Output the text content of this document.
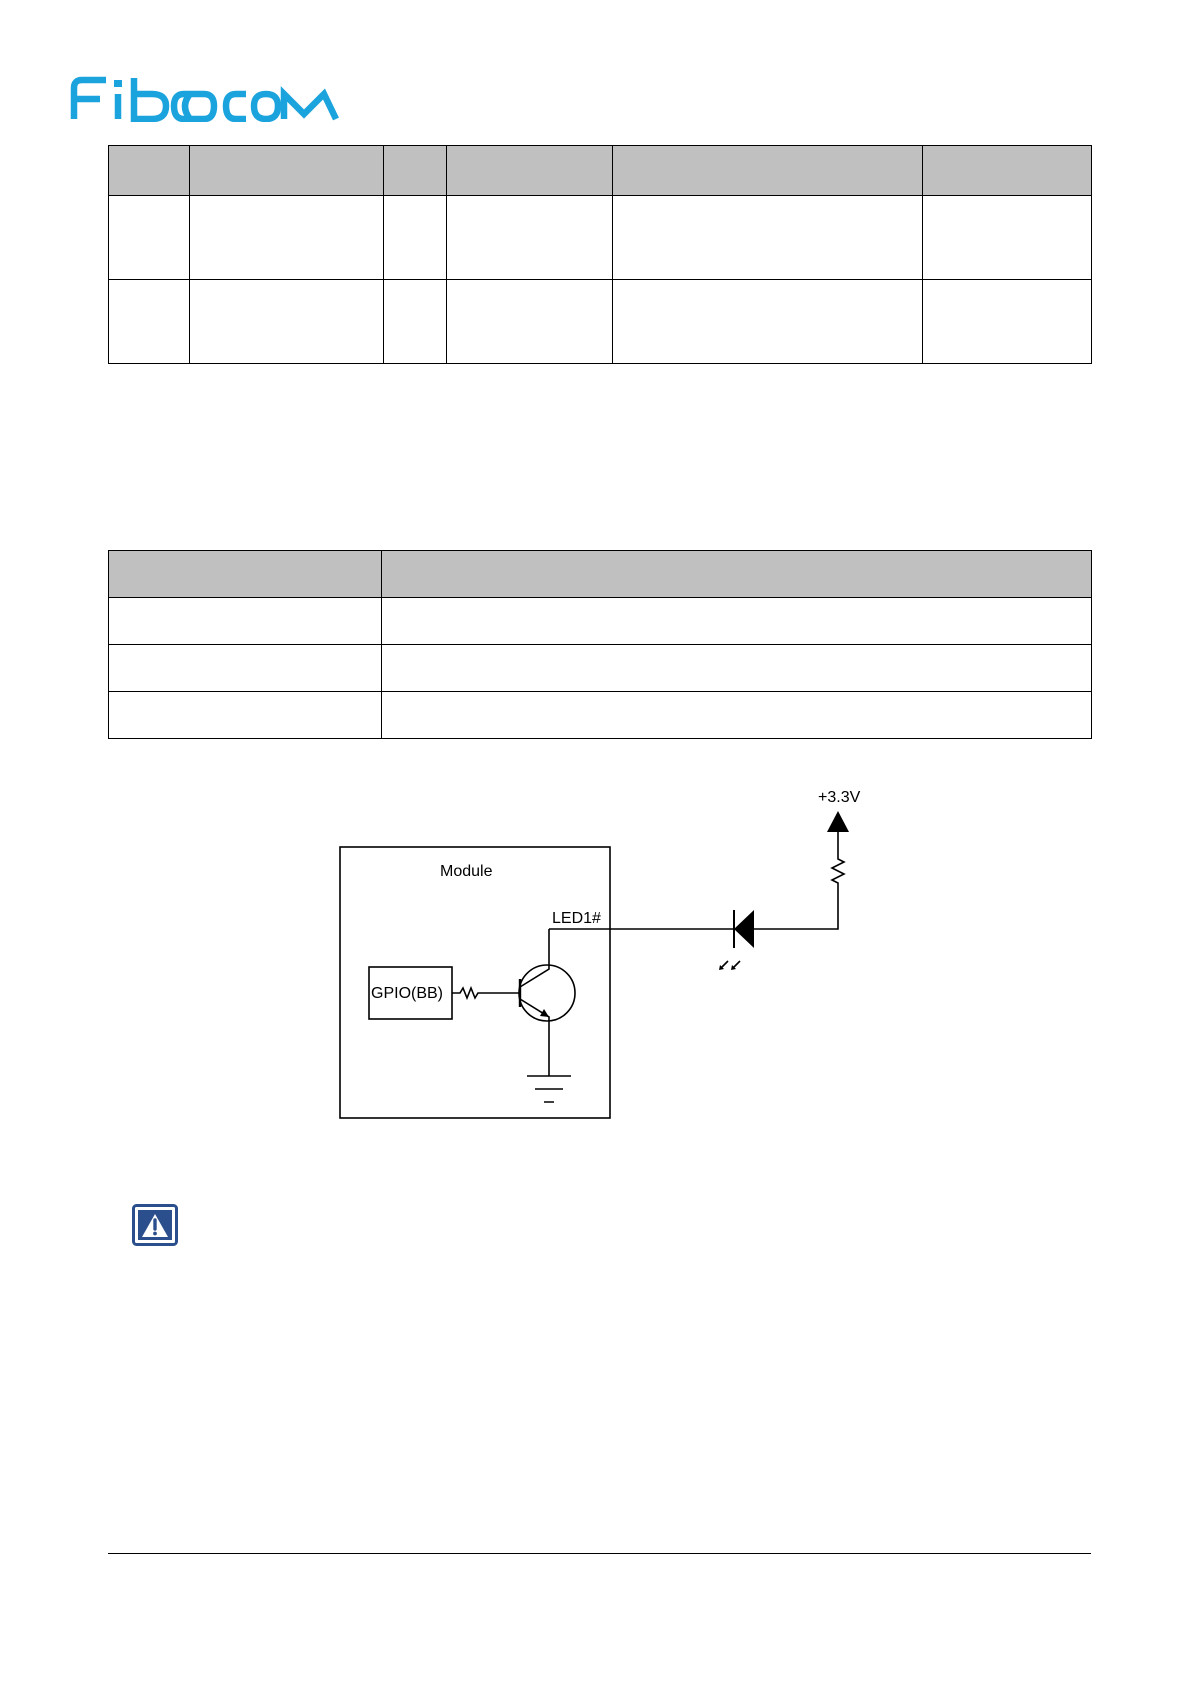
+3.3V
Module
LED1#
GPIO(BB)
